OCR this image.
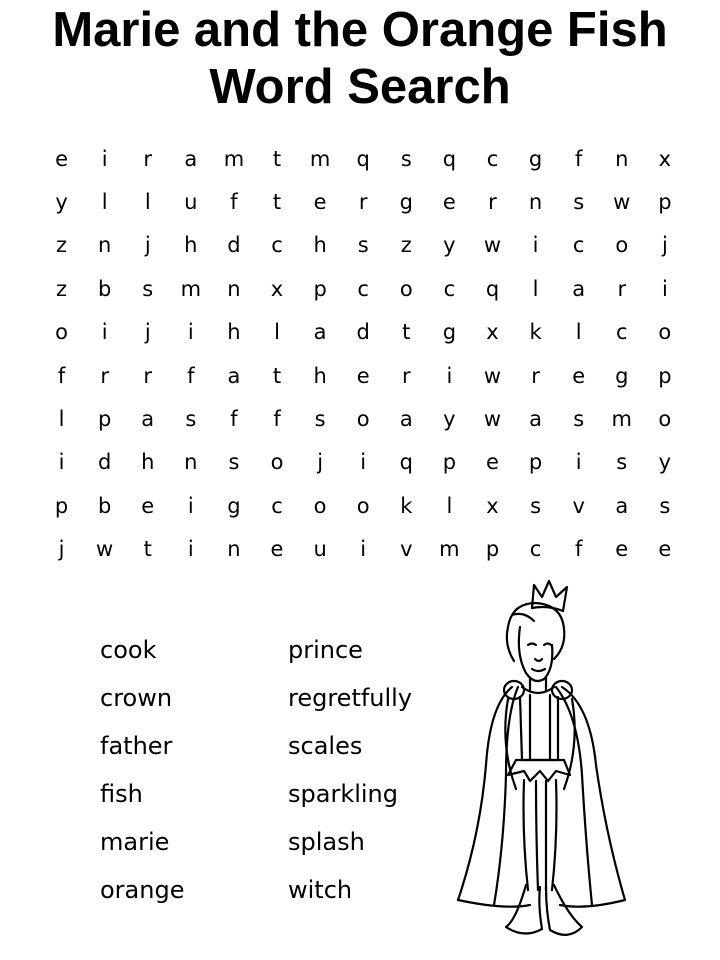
Marie and the Orange Fish
Word Search
e	i	r	a	m	t	m	q	s	q	c	g	f	n	x
y	l	l	u	f	t	e	r	g	e	r	n	s	w	p
z	n	j	h	d	c	h	s	z	y	w	i	c	o	j
z	b	s	m	n	x	p	c	o	c	q	l	a	r	i
o	i	j	i	h	l	a	d	t	g	x	k	l	c	o
f	r	r	f	a	t	h	e	r	i	w	r	e	g	p
l	p	a	s	f	f	s	o	a	y	w	a	s	m	o
i	d	h	n	s	o	j	i	q	p	e	p	i	s	y
p	b	e	i	g	c	o	o	k	l	x	s	v	a	s
j	w	t	i	n	e	u	i	v	m	p	c	f	e	e
cook
crown
father
fish
marie
orange
prince
regretfully
scales
sparkling
splash
witch
